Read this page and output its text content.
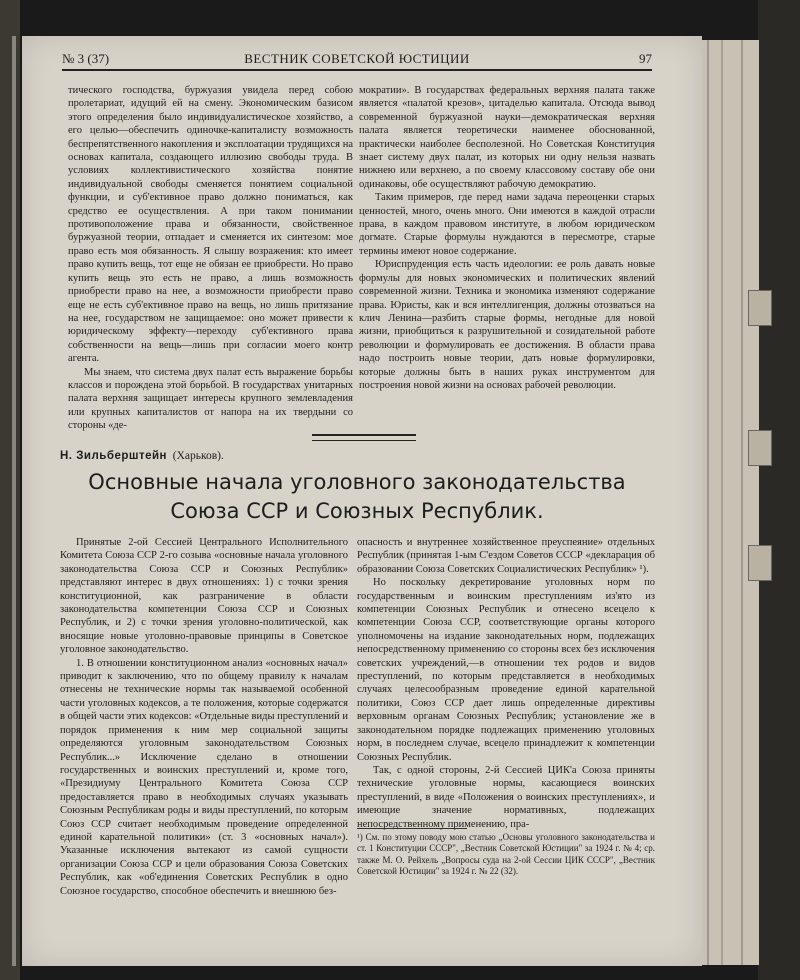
№ 3 (37)	ВЕСТНИК СОВЕТСКОЙ ЮСТИЦИИ	97

тического господства, буржуазия увидела перед собою пролетариат, идущий ей на смену. Экономическим базисом этого определения было индивидуалистическое хозяйство, а его целью—обеспечить одиночке-капиталисту возможность беспрепятственного накопления и эксплоатации трудящихся на основах капитала, создающего иллюзию свободы труда. В условиях коллективистического хозяйства понятие индивидуальной свободы сменяется понятием социальной функции, и суб'ективное право должно пониматься, как средство ее осуществления. А при таком понимании противоположение права и обязанности, свойственное буржуазной теории, отпадает и сменяется их синтезом: мое право есть моя обязанность. Я слышу возражения: кто имеет право купить вещь, тот еще не обязан ее приобрести. Но право купить вещь это есть не право, а лишь возможность приобрести право на нее, а возможности приобрести право еще не есть суб'ективное право на вещь, но лишь притязание на нее, государством не защищаемое: оно может привести к юридическому эффекту—переходу суб'ективного права собственности на вещь—лишь при согласии моего контр агента.

Мы знаем, что система двух палат есть выражение борьбы классов и порождена этой борьбой. В государствах унитарных палата верхняя защищает интересы крупного землевладения или крупных капиталистов от напора на их твердыни со стороны «де-

мократии». В государствах федеральных верхняя палата также является «палатой крезов», цитаделью капитала. Отсюда вывод современной буржуазной науки—демократическая верхняя палата является теоретически наименее обоснованной, практически наиболее бесполезной. Но Советская Конституция знает систему двух палат, из которых ни одну нельзя назвать нижнею или верхнею, а по своему классовому составу обе они одинаковы, обе осуществляют рабочую демократию.

Таким примеров, где перед нами задача переоценки старых ценностей, много, очень много. Они имеются в каждой отрасли права, в каждом правовом институте, в любом юридическом догмате. Старые формулы нуждаются в пересмотре, старые термины имеют новое содержание.

Юриспруденция есть часть идеологии: ее роль давать новые формулы для новых экономических и политических явлений современной жизни. Техника и экономика изменяют содержание права. Юристы, как и вся интеллигенция, должны отозваться на клич Ленина—разбить старые формы, негодные для новой жизни, приобщиться к разрушительной и созидательной работе революции и формулировать ее достижения. В области права надо построить новые теории, дать новые формулировки, которые должны быть в наших руках инструментом для построения новой жизни на основах рабочей революции.

Н. Зильберштейн (Харьков).
Основные начала уголовного законодательства
Союза ССР и Союзных Республик.

Принятые 2-ой Сессией Центрального Исполнительного Комитета Союза ССР 2-го созыва «основные начала уголовного законодательства Союза ССР и Союзных Республик» представляют интерес в двух отношениях: 1) с точки зрения конституционной, как разграничение в области законодательства компетенции Союза ССР и Союзных Республик, и 2) с точки зрения уголовно-политической, как вносящие новые уголовно-правовые принципы в Советское уголовное законодательство.

1. В отношении конституционном анализ «основных начал» приводит к заключению, что по общему правилу к началам отнесены не технические нормы так называемой особенной части уголовных кодексов, а те положения, которые содержатся в общей части этих кодексов: «Отдельные виды преступлений и порядок применения к ним мер социальной защиты определяются уголовным законодательством Союзных Республик...» Исключение сделано в отношении государственных и воинских преступлений и, кроме того, «Президиуму Центрального Комитета Союза ССР предоставляется право в необходимых случаях указывать Союзным Республикам роды и виды преступлений, по которым Союз ССР считает необходимым проведение определенной единой карательной политики» (ст. 3 «основных начал»). Указанные исключения вытекают из самой сущности организации Союза ССР и цели образования Союза Советских Республик, как «об'единения Советских Республик в одно Союзное государство, способное обеспечить и внешнюю без-

опасность и внутреннее хозяйственное преуспеяние» отдельных Республик (принятая 1-ым С'ездом Советов СССР «декларация об образовании Союза Советских Социалистических Республик» ¹).

Но поскольку декретирование уголовных норм по государственным и воинским преступлениям из'ято из компетенции Союзных Республик и отнесено всецело к компетенции Союза ССР, соответствующие органы которого уполномочены на издание законодательных норм, подлежащих непосредственному применению со стороны всех без исключения советских учреждений,—в отношении тех родов и видов преступлений, по которым представляется в необходимых случаях целесообразным проведение единой карательной политики, Союз ССР дает лишь определенные директивы верховным органам Союзных Республик; установление же в законодательном порядке подлежащих применению уголовных норм, в последнем случае, всецело принадлежит к компетенции Союзных Республик.

Так, с одной стороны, 2-й Сессией ЦИК'а Союза приняты технические уголовные нормы, касающиеся воинских преступлений, в виде «Положения о воинских преступлениях», и имеющие значение нормативных, подлежащих непосредственному применению, пра-

¹) См. по этому поводу мою статью „Основы уголовного законодательства и ст. 1 Конституции СССР", „Вестник Советской Юстиции" за 1924 г. № 4; ср. также М. О. Рейхель „Вопросы суда на 2-ой Сессии ЦИК СССР", „Вестник Советской Юстиции" за 1924 г. № 22 (32).
